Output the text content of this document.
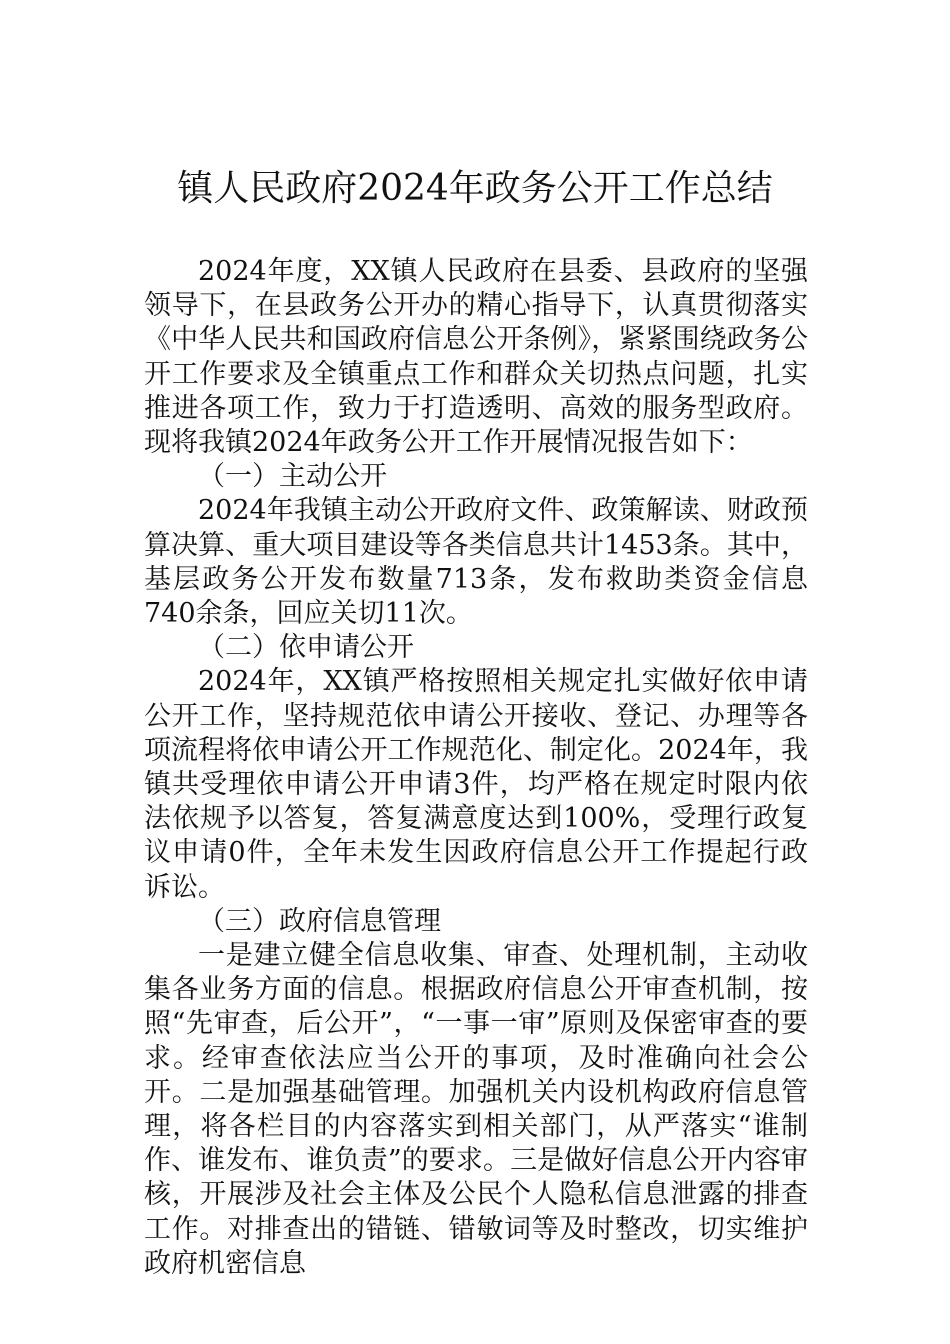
镇人民政府2024年政务公开工作总结

2024年度，XX镇人民政府在县委、县政府的坚强领导下，在县政务公开办的精心指导下，认真贯彻落实《中华人民共和国政府信息公开条例》，紧紧围绕政务公开工作要求及全镇重点工作和群众关切热点问题，扎实推进各项工作，致力于打造透明、高效的服务型政府。现将我镇2024年政务公开工作开展情况报告如下：

（一）主动公开

2024年我镇主动公开政府文件、政策解读、财政预算决算、重大项目建设等各类信息共计1453条。其中，基层政务公开发布数量713条，发布救助类资金信息740余条，回应关切11次。

（二）依申请公开

2024年，XX镇严格按照相关规定扎实做好依申请公开工作，坚持规范依申请公开接收、登记、办理等各项流程将依申请公开工作规范化、制定化。2024年，我镇共受理依申请公开申请3件，均严格在规定时限内依法依规予以答复，答复满意度达到100%，受理行政复议申请0件，全年未发生因政府信息公开工作提起行政诉讼。

（三）政府信息管理

一是建立健全信息收集、审查、处理机制，主动收集各业务方面的信息。根据政府信息公开审查机制，按照“先审查，后公开”，“一事一审”原则及保密审查的要求。经审查依法应当公开的事项，及时准确向社会公开。二是加强基础管理。加强机关内设机构政府信息管理，将各栏目的内容落实到相关部门，从严落实“谁制作、谁发布、谁负责”的要求。三是做好信息公开内容审核，开展涉及社会主体及公民个人隐私信息泄露的排查工作。对排查出的错链、错敏词等及时整改，切实维护政府机密信息
